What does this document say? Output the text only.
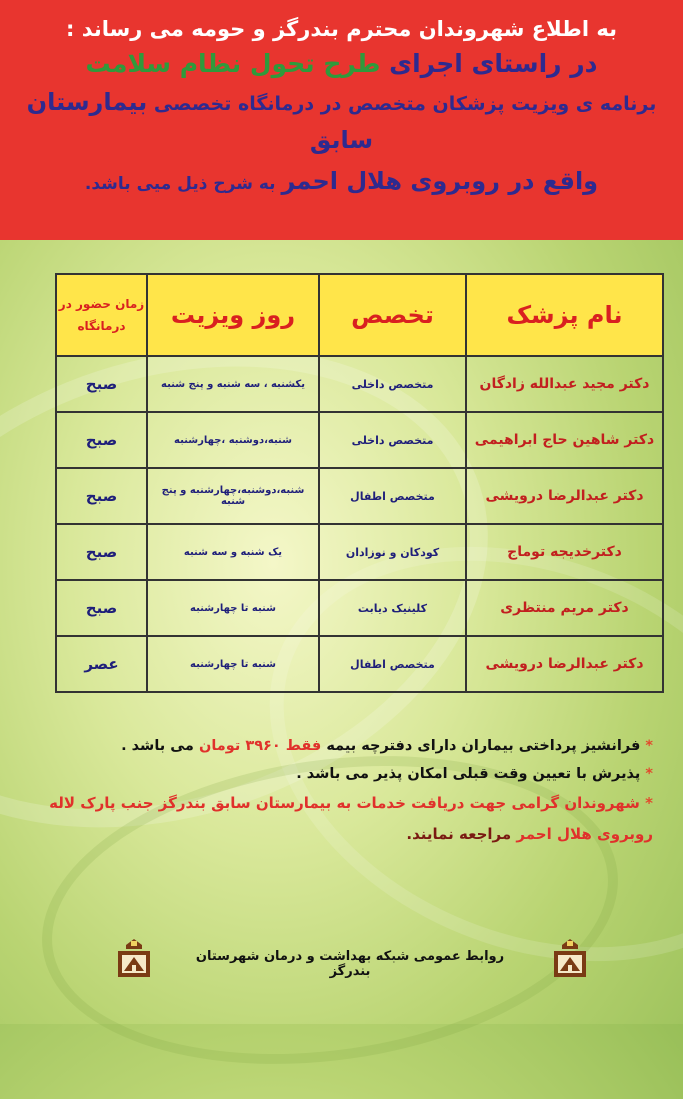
به اطلاع شهروندان محترم بندرگز و حومه می رساند :
در راستای اجرای طرح تحول نظام سلامت
برنامه ی ویزیت پزشکان متخصص در درمانگاه تخصصی بیمارستان سابق
واقع در روبروی هلال احمر به شرح ذیل میی باشد.
نام پزشک	تخصص	روز ویزیت	زمان حضور در درمانگاه
دکتر مجید عبدالله زادگان	متخصص داخلی	یکشنبه ، سه شنبه و پنج شنبه	صبح
دکتر شاهین حاج ابراهیمی	متخصص داخلی	شنبه،دوشنبه ،چهارشنبه	صبح
دکتر عبدالرضا درویشی	متخصص اطفال	شنبه،دوشنبه،چهارشنبه و پنج شنبه	صبح
دکترخدیجه توماج	کودکان و نوزادان	یک شنبه و سه شنبه	صبح
دکتر مریم منتظری	کلینیک دیابت	شنبه تا چهارشنبه	صبح
دکتر عبدالرضا درویشی	متخصص اطفال	شنبه تا چهارشنبه	عصر
* فرانشیز پرداختی بیماران دارای دفترچه بیمه فقط ۳۹۶۰ تومان می باشد .
* پذیرش با تعیین وقت قبلی امکان پذیر می باشد .
* شهروندان گرامی جهت دریافت خدمات به بیمارستان سابق بندرگز جنب پارک لاله
روبروی هلال احمر مراجعه نمایند.
روابط عمومی شبکه بهداشت و درمان شهرستان بندرگز
